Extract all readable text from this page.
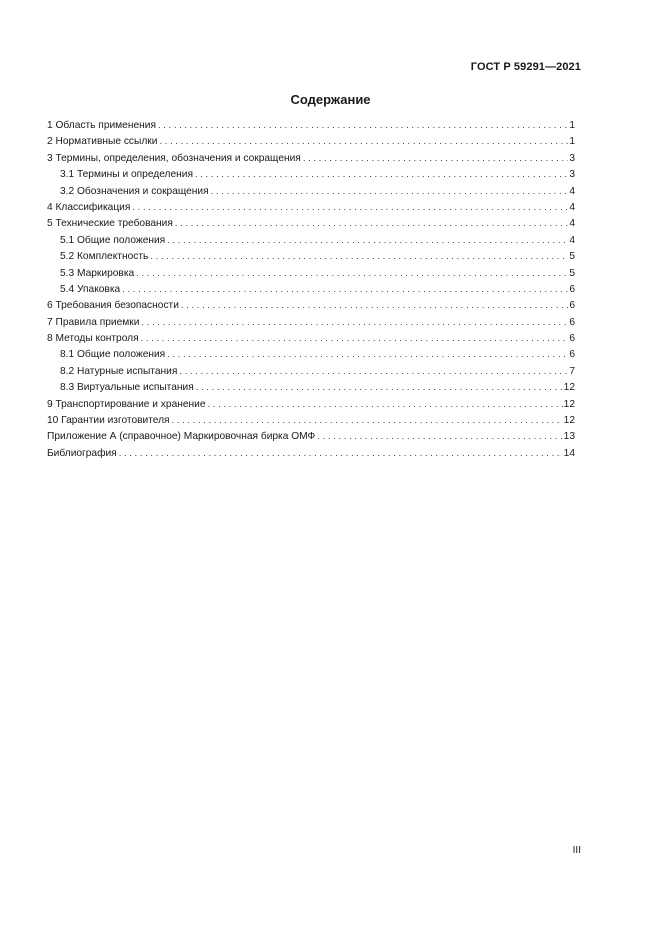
ГОСТ Р 59291—2021
Содержание
1 Область применения . . .	1
2 Нормативные ссылки . . .	1
3 Термины, определения, обозначения и сокращения . . .	3
3.1 Термины и определения . . .	3
3.2 Обозначения и сокращения . . .	4
4 Классификация . . .	4
5 Технические требования . . .	4
5.1 Общие положения . . .	4
5.2 Комплектность . . .	5
5.3 Маркировка . . .	5
5.4 Упаковка . . .	6
6 Требования безопасности . . .	6
7 Правила приемки . . .	6
8 Методы контроля . . .	6
8.1 Общие положения . . .	6
8.2 Натурные испытания . . .	7
8.3 Виртуальные испытания . . .	12
9 Транспортирование и хранение . . .	12
10 Гарантии изготовителя . . .	12
Приложение А (справочное) Маркировочная бирка ОМФ . . .	13
Библиография . . .	14
III
